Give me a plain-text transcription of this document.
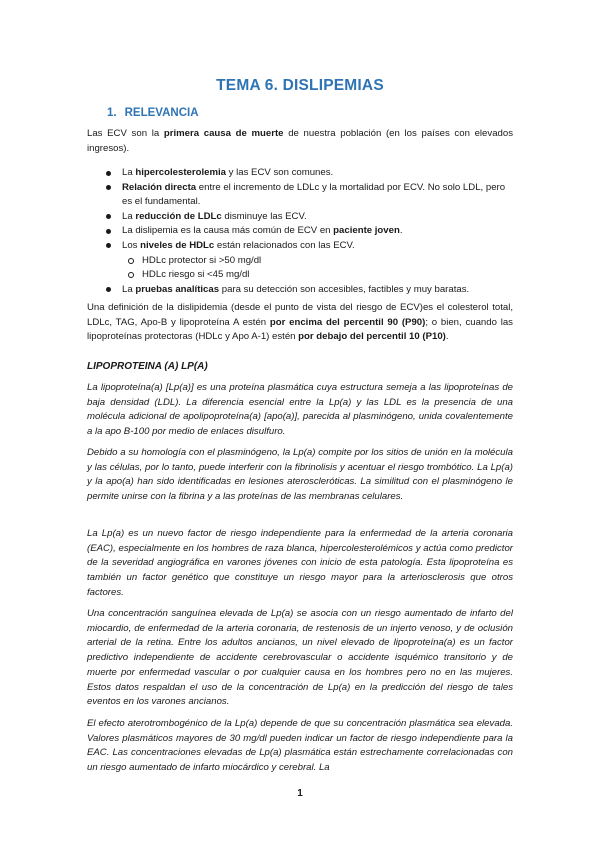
TEMA 6. DISLIPEMIAS
1. RELEVANCIA
Las ECV son la primera causa de muerte de nuestra población (en los países con elevados ingresos).
La hipercolesterolemia y las ECV son comunes.
Relación directa entre el incremento de LDLc y la mortalidad por ECV. No solo LDL, pero es el fundamental.
La reducción de LDLc disminuye las ECV.
La dislipemia es la causa más común de ECV en paciente joven.
Los niveles de HDLc están relacionados con las ECV.
HDLc protector si >50 mg/dl
HDLc riesgo si <45 mg/dl
La pruebas analíticas para su detección son accesibles, factibles y muy baratas.
Una definición de la dislipidemia (desde el punto de vista del riesgo de ECV)es el colesterol total, LDLc, TAG, Apo-B y lipoproteína A estén por encima del percentil 90 (P90); o bien, cuando las lipoproteínas protectoras (HDLc y Apo A-1) estén por debajo del percentil 10 (P10).
LIPOPROTEINA (A) LP(A)
La lipoproteína(a) [Lp(a)] es una proteína plasmática cuya estructura semeja a las lipoproteínas de baja densidad (LDL). La diferencia esencial entre la Lp(a) y las LDL es la presencia de una molécula adicional de apolipoproteína(a) [apo(a)], parecida al plasminógeno, unida covalentemente a la apo B-100 por medio de enlaces disulfuro.
Debido a su homología con el plasminógeno, la Lp(a) compite por los sitios de unión en la molécula y las células, por lo tanto, puede interferir con la fibrinolisis y acentuar el riesgo trombótico. La Lp(a) y la apo(a) han sido identificadas en lesiones ateroscleróticas. La similitud con el plasminógeno le permite unirse con la fibrina y a las proteínas de las membranas celulares.
La Lp(a) es un nuevo factor de riesgo independiente para la enfermedad de la arteria coronaria (EAC), especialmente en los hombres de raza blanca, hipercolesterolémicos y actúa como predictor de la severidad angiográfica en varones jóvenes con inicio de esta patología. Esta lipoproteína es también un factor genético que constituye un riesgo mayor para la arteriosclerosis que otros factores.
Una concentración sanguínea elevada de Lp(a) se asocia con un riesgo aumentado de infarto del miocardio, de enfermedad de la arteria coronaria, de restenosis de un injerto venoso, y de oclusión arterial de la retina. Entre los adultos ancianos, un nivel elevado de lipoproteína(a) es un factor predictivo independiente de accidente cerebrovascular o accidente isquémico transitorio y de muerte por enfermedad vascular o por cualquier causa en los hombres pero no en las mujeres. Estos datos respaldan el uso de la concentración de Lp(a) en la predicción del riesgo de tales eventos en los varones ancianos.
El efecto aterotrombogénico de la Lp(a) depende de que su concentración plasmática sea elevada. Valores plasmáticos mayores de 30 mg/dl pueden indicar un factor de riesgo independiente para la EAC. Las concentraciones elevadas de Lp(a) plasmática están estrechamente correlacionadas con un riesgo aumentado de infarto miocárdico y cerebral. La
1
